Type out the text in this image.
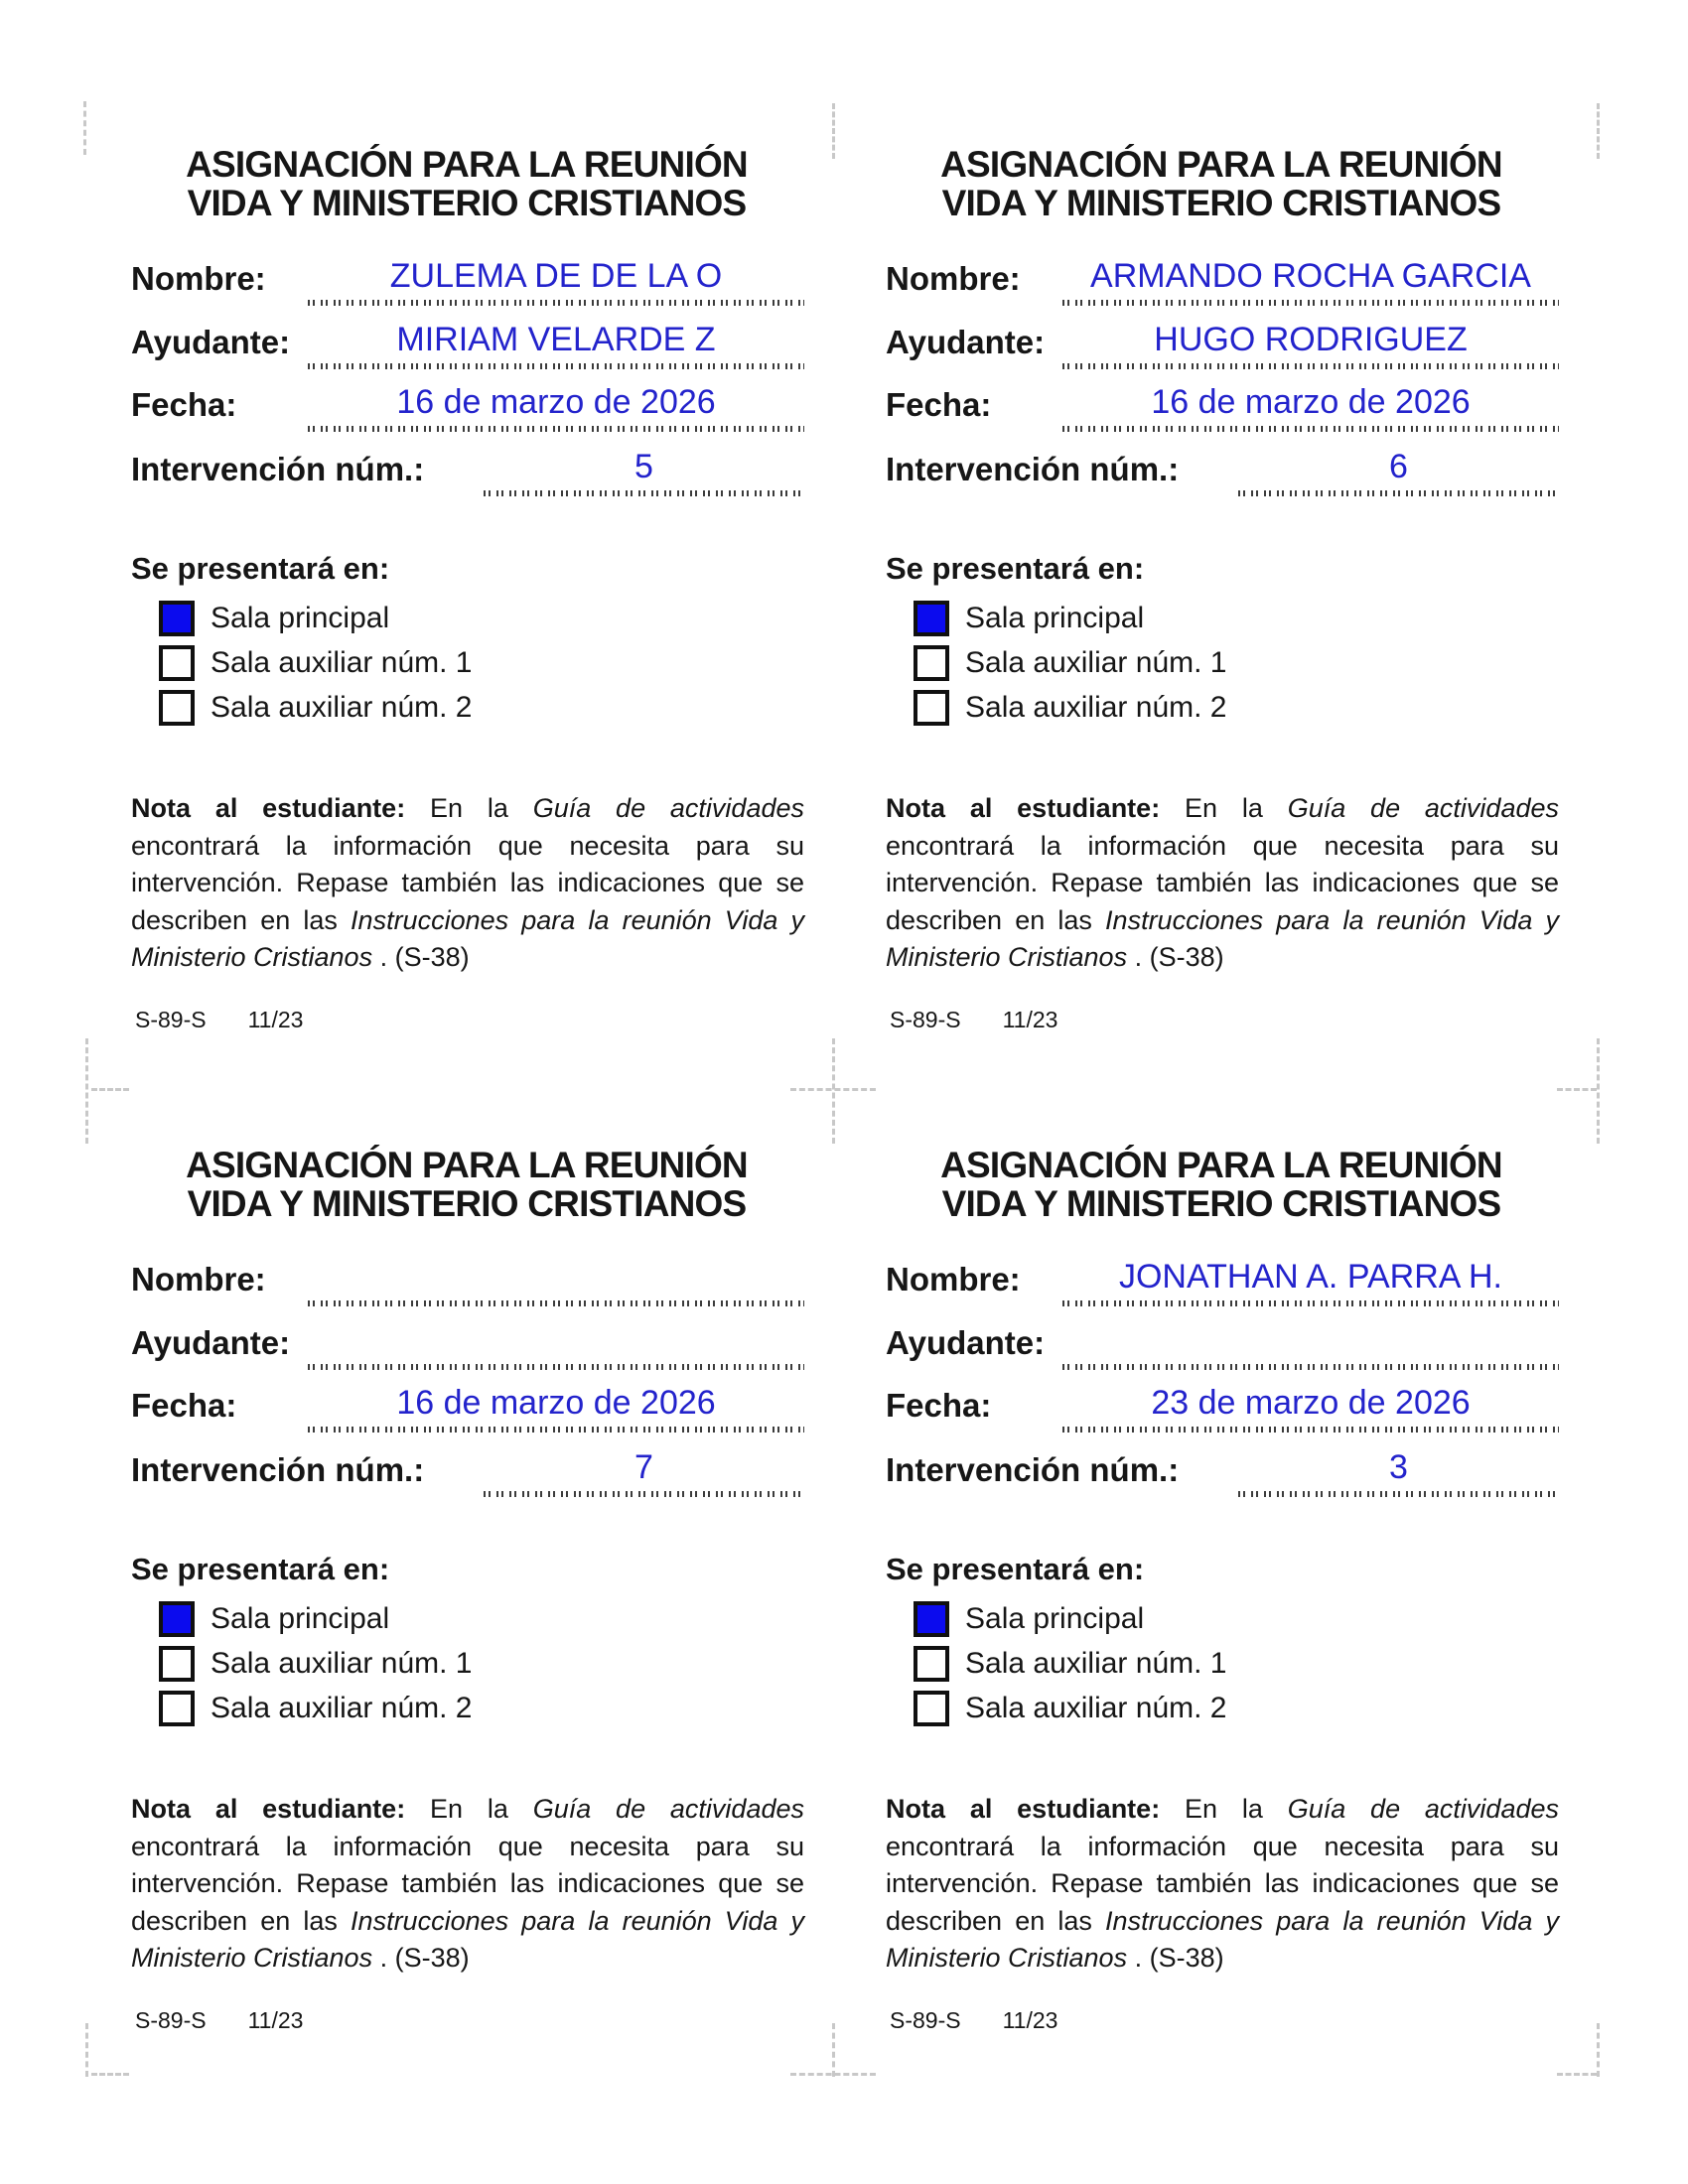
ASIGNACIÓN PARA LA REUNIÓN
VIDA Y MINISTERIO CRISTIANOS
Nombre:	ZULEMA DE DE LA O
Ayudante:	MIRIAM VELARDE Z
Fecha:	16 de marzo de 2026
Intervención núm.:	5
Se presentará en:
Sala principal
Sala auxiliar núm. 1
Sala auxiliar núm. 2

Nota al estudiante: En la Guía de actividades encontrará la información que necesita para su intervención. Repase también las indicaciones que se describen en las Instrucciones para la reunión Vida y Ministerio Cristianos . (S-38)

S-89-S 11/23
ASIGNACIÓN PARA LA REUNIÓN
VIDA Y MINISTERIO CRISTIANOS
Nombre:	ARMANDO ROCHA GARCIA
Ayudante:	HUGO RODRIGUEZ
Fecha:	16 de marzo de 2026
Intervención núm.:	6
Se presentará en:
Sala principal
Sala auxiliar núm. 1
Sala auxiliar núm. 2

Nota al estudiante: En la Guía de actividades encontrará la información que necesita para su intervención. Repase también las indicaciones que se describen en las Instrucciones para la reunión Vida y Ministerio Cristianos . (S-38)

S-89-S 11/23
ASIGNACIÓN PARA LA REUNIÓN
VIDA Y MINISTERIO CRISTIANOS
Nombre:
Ayudante:
Fecha:	16 de marzo de 2026
Intervención núm.:	7
Se presentará en:
Sala principal
Sala auxiliar núm. 1
Sala auxiliar núm. 2

Nota al estudiante: En la Guía de actividades encontrará la información que necesita para su intervención. Repase también las indicaciones que se describen en las Instrucciones para la reunión Vida y Ministerio Cristianos . (S-38)

S-89-S 11/23
ASIGNACIÓN PARA LA REUNIÓN
VIDA Y MINISTERIO CRISTIANOS
Nombre:	JONATHAN A. PARRA H.
Ayudante:
Fecha:	23 de marzo de 2026
Intervención núm.:	3
Se presentará en:
Sala principal
Sala auxiliar núm. 1
Sala auxiliar núm. 2

Nota al estudiante: En la Guía de actividades encontrará la información que necesita para su intervención. Repase también las indicaciones que se describen en las Instrucciones para la reunión Vida y Ministerio Cristianos . (S-38)

S-89-S 11/23
